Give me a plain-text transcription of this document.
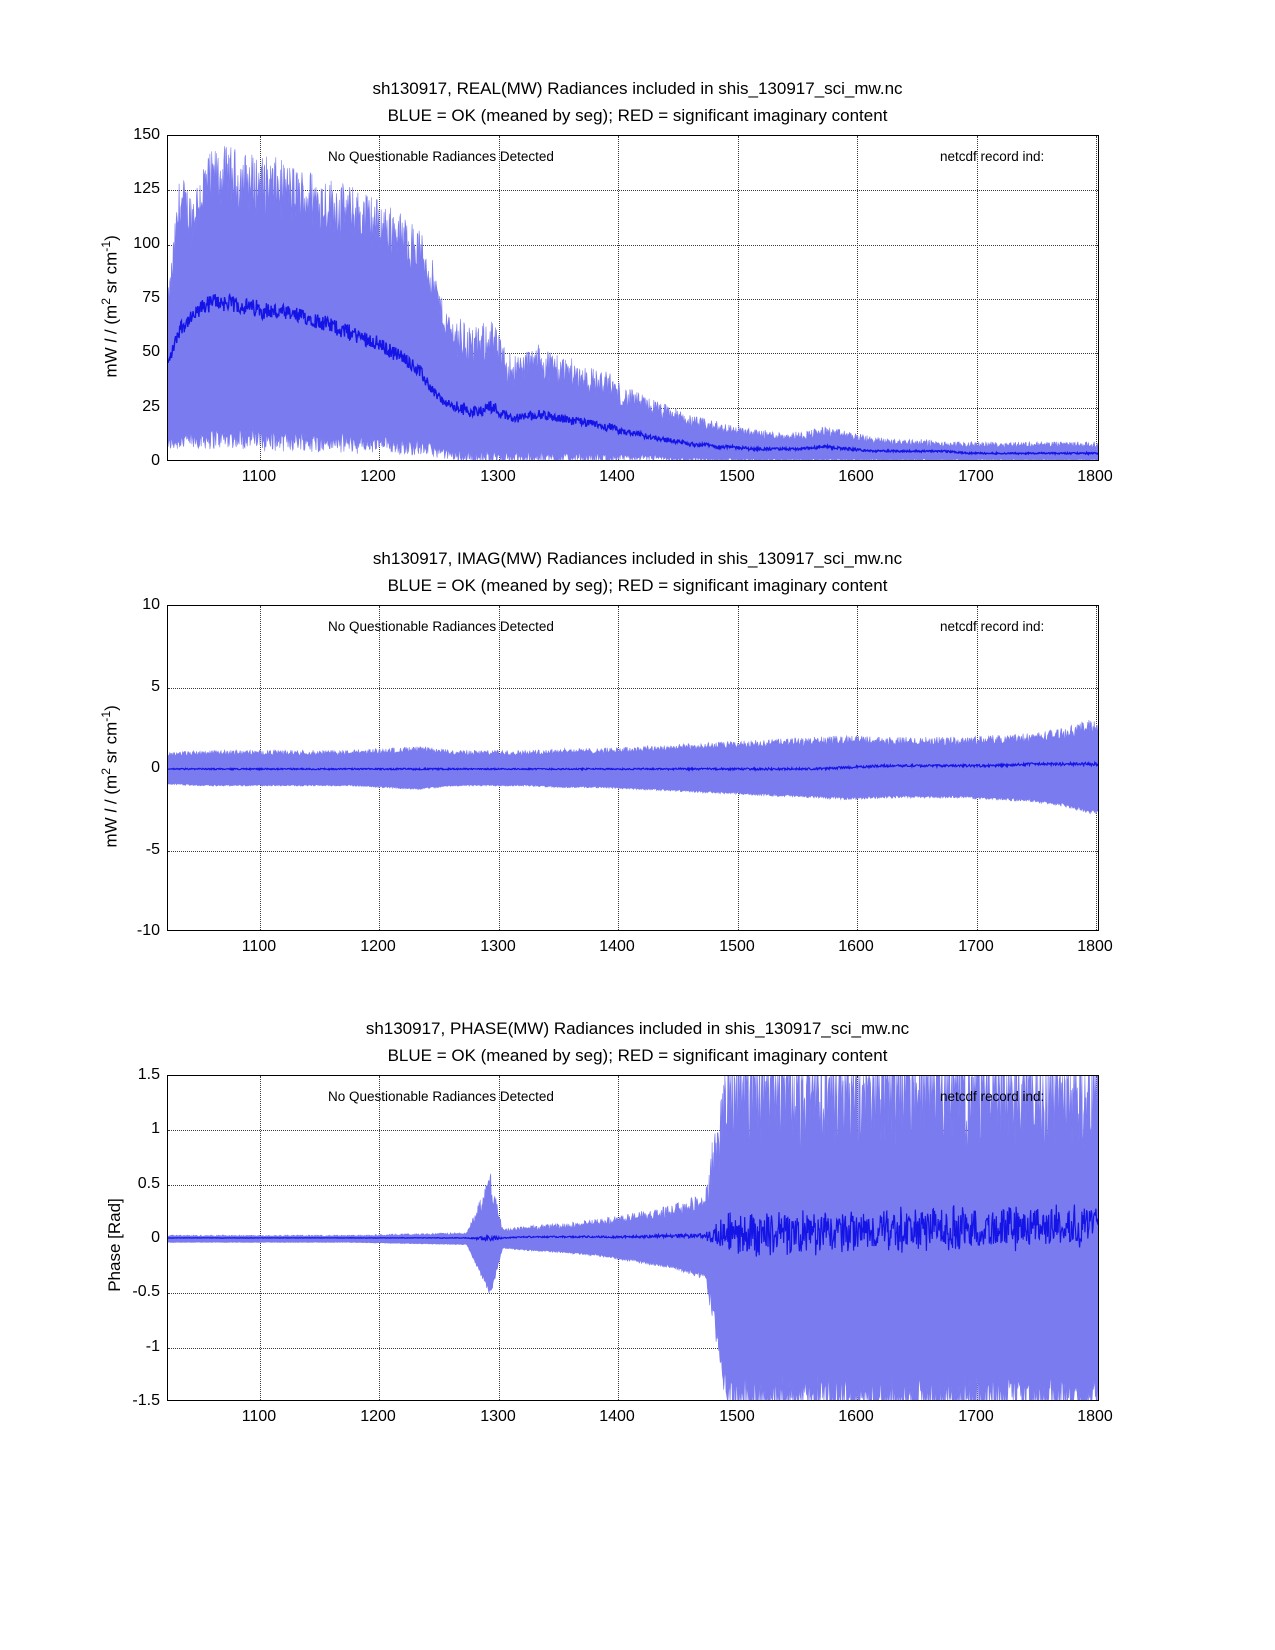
sh130917, REAL(MW) Radiances included in shis_130917_sci_mw.nc
BLUE = OK (meaned by seg); RED = significant imaginary content
mW l / ($m^2$ sr $cm^{-1}$)
No Questionable Radiances Detected	netcdf record ind:
150
125
100
75
50
25
0
1100	1200	1300	1400	1500	1600	1700	1800
sh130917, IMAG(MW) Radiances included in shis_130917_sci_mw.nc
BLUE = OK (meaned by seg); RED = significant imaginary content
mW l / ($m^2$ sr $cm^{-1}$)
No Questionable Radiances Detected	netcdf record ind:
10
5
0
-5
-10
1100	1200	1300	1400	1500	1600	1700	1800
sh130917, PHASE(MW) Radiances included in shis_130917_sci_mw.nc
BLUE = OK (meaned by seg); RED = significant imaginary content
Phase [Rad]
No Questionable Radiances Detected	netcdf record ind:
1.5
1
0.5
0
-0.5
-1
-1.5
1100	1200	1300	1400	1500	1600	1700	1800
